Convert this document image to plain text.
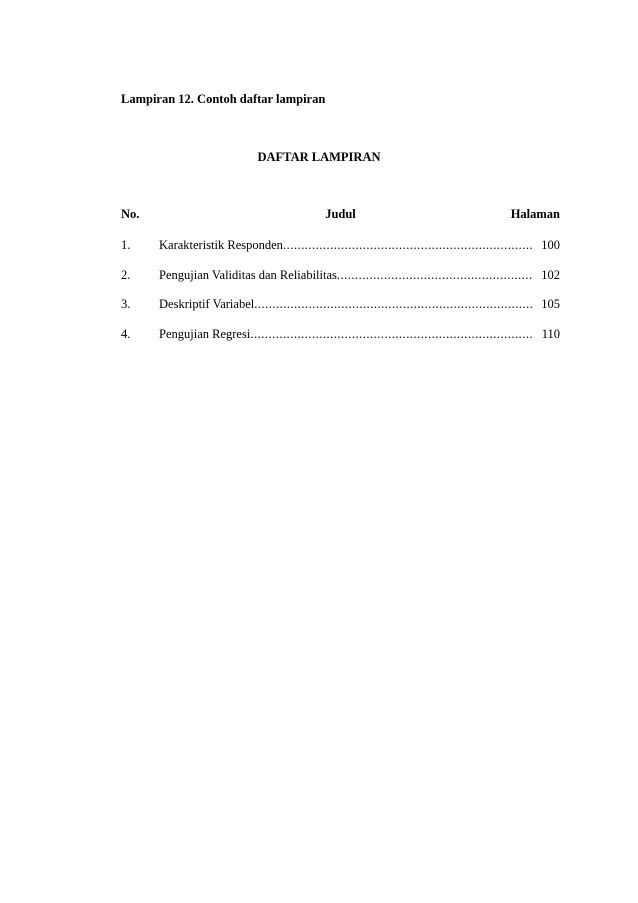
Lampiran 12. Contoh daftar lampiran
DAFTAR LAMPIRAN
No.	Judul	Halaman
1. Karakteristik Responden .....	100
2. Pengujian Validitas dan Reliabilitas .....	102
3. Deskriptif Variabel .....	105
4. Pengujian Regresi .....	110
